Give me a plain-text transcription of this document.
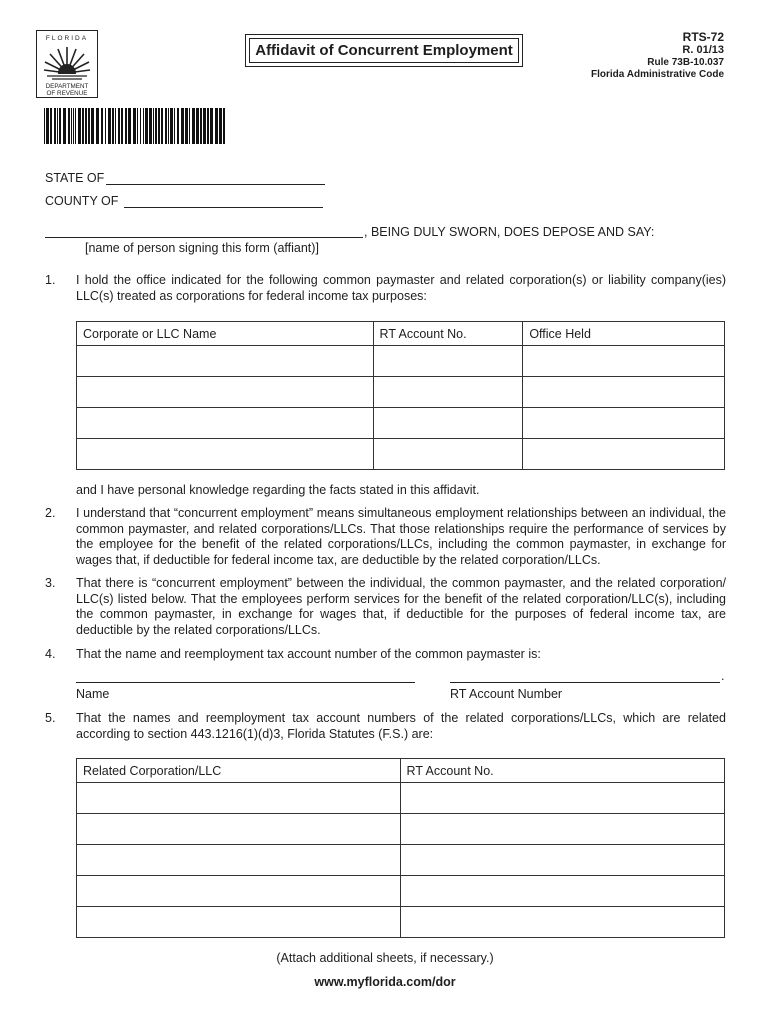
FLORIDA
DEPARTMENT
OF REVENUE
Affidavit of Concurrent Employment
RTS-72
R. 01/13
Rule 73B-10.037
Florida Administrative Code
STATE OF
COUNTY OF
, BEING DULY SWORN, DOES DEPOSE AND SAY:
[name of person signing this form (affiant)]
1. I hold the office indicated for the following common paymaster and related corporation(s) or liability company(ies) LLC(s) treated as corporations for federal income tax purposes:
Corporate or LLC Name	RT Account No.	Office Held

and I have personal knowledge regarding the facts stated in this affidavit.
2. I understand that “concurrent employment” means simultaneous employment relationships between an individual, the common paymaster, and related corporations/LLCs. That those relationships require the performance of services by the employee for the benefit of the related corporations/LLCs, including the common paymaster, in exchange for wages that, if deductible for federal income tax, are deductible by the related corporation/LLCs.
3. That there is “concurrent employment” between the individual, the common paymaster, and the related corporation/ LLC(s) listed below. That the employees perform services for the benefit of the related corporation/LLC(s), including the common paymaster, in exchange for wages that, if deductible for the purposes of federal income tax, are deductible by the related corporations/LLCs.
4. That the name and reemployment tax account number of the common paymaster is:
.
Name	RT Account Number
5. That the names and reemployment tax account numbers of the related corporations/LLCs, which are related according to section 443.1216(1)(d)3, Florida Statutes (F.S.) are:
Related Corporation/LLC	RT Account No.

(Attach additional sheets, if necessary.)
www.myflorida.com/dor
